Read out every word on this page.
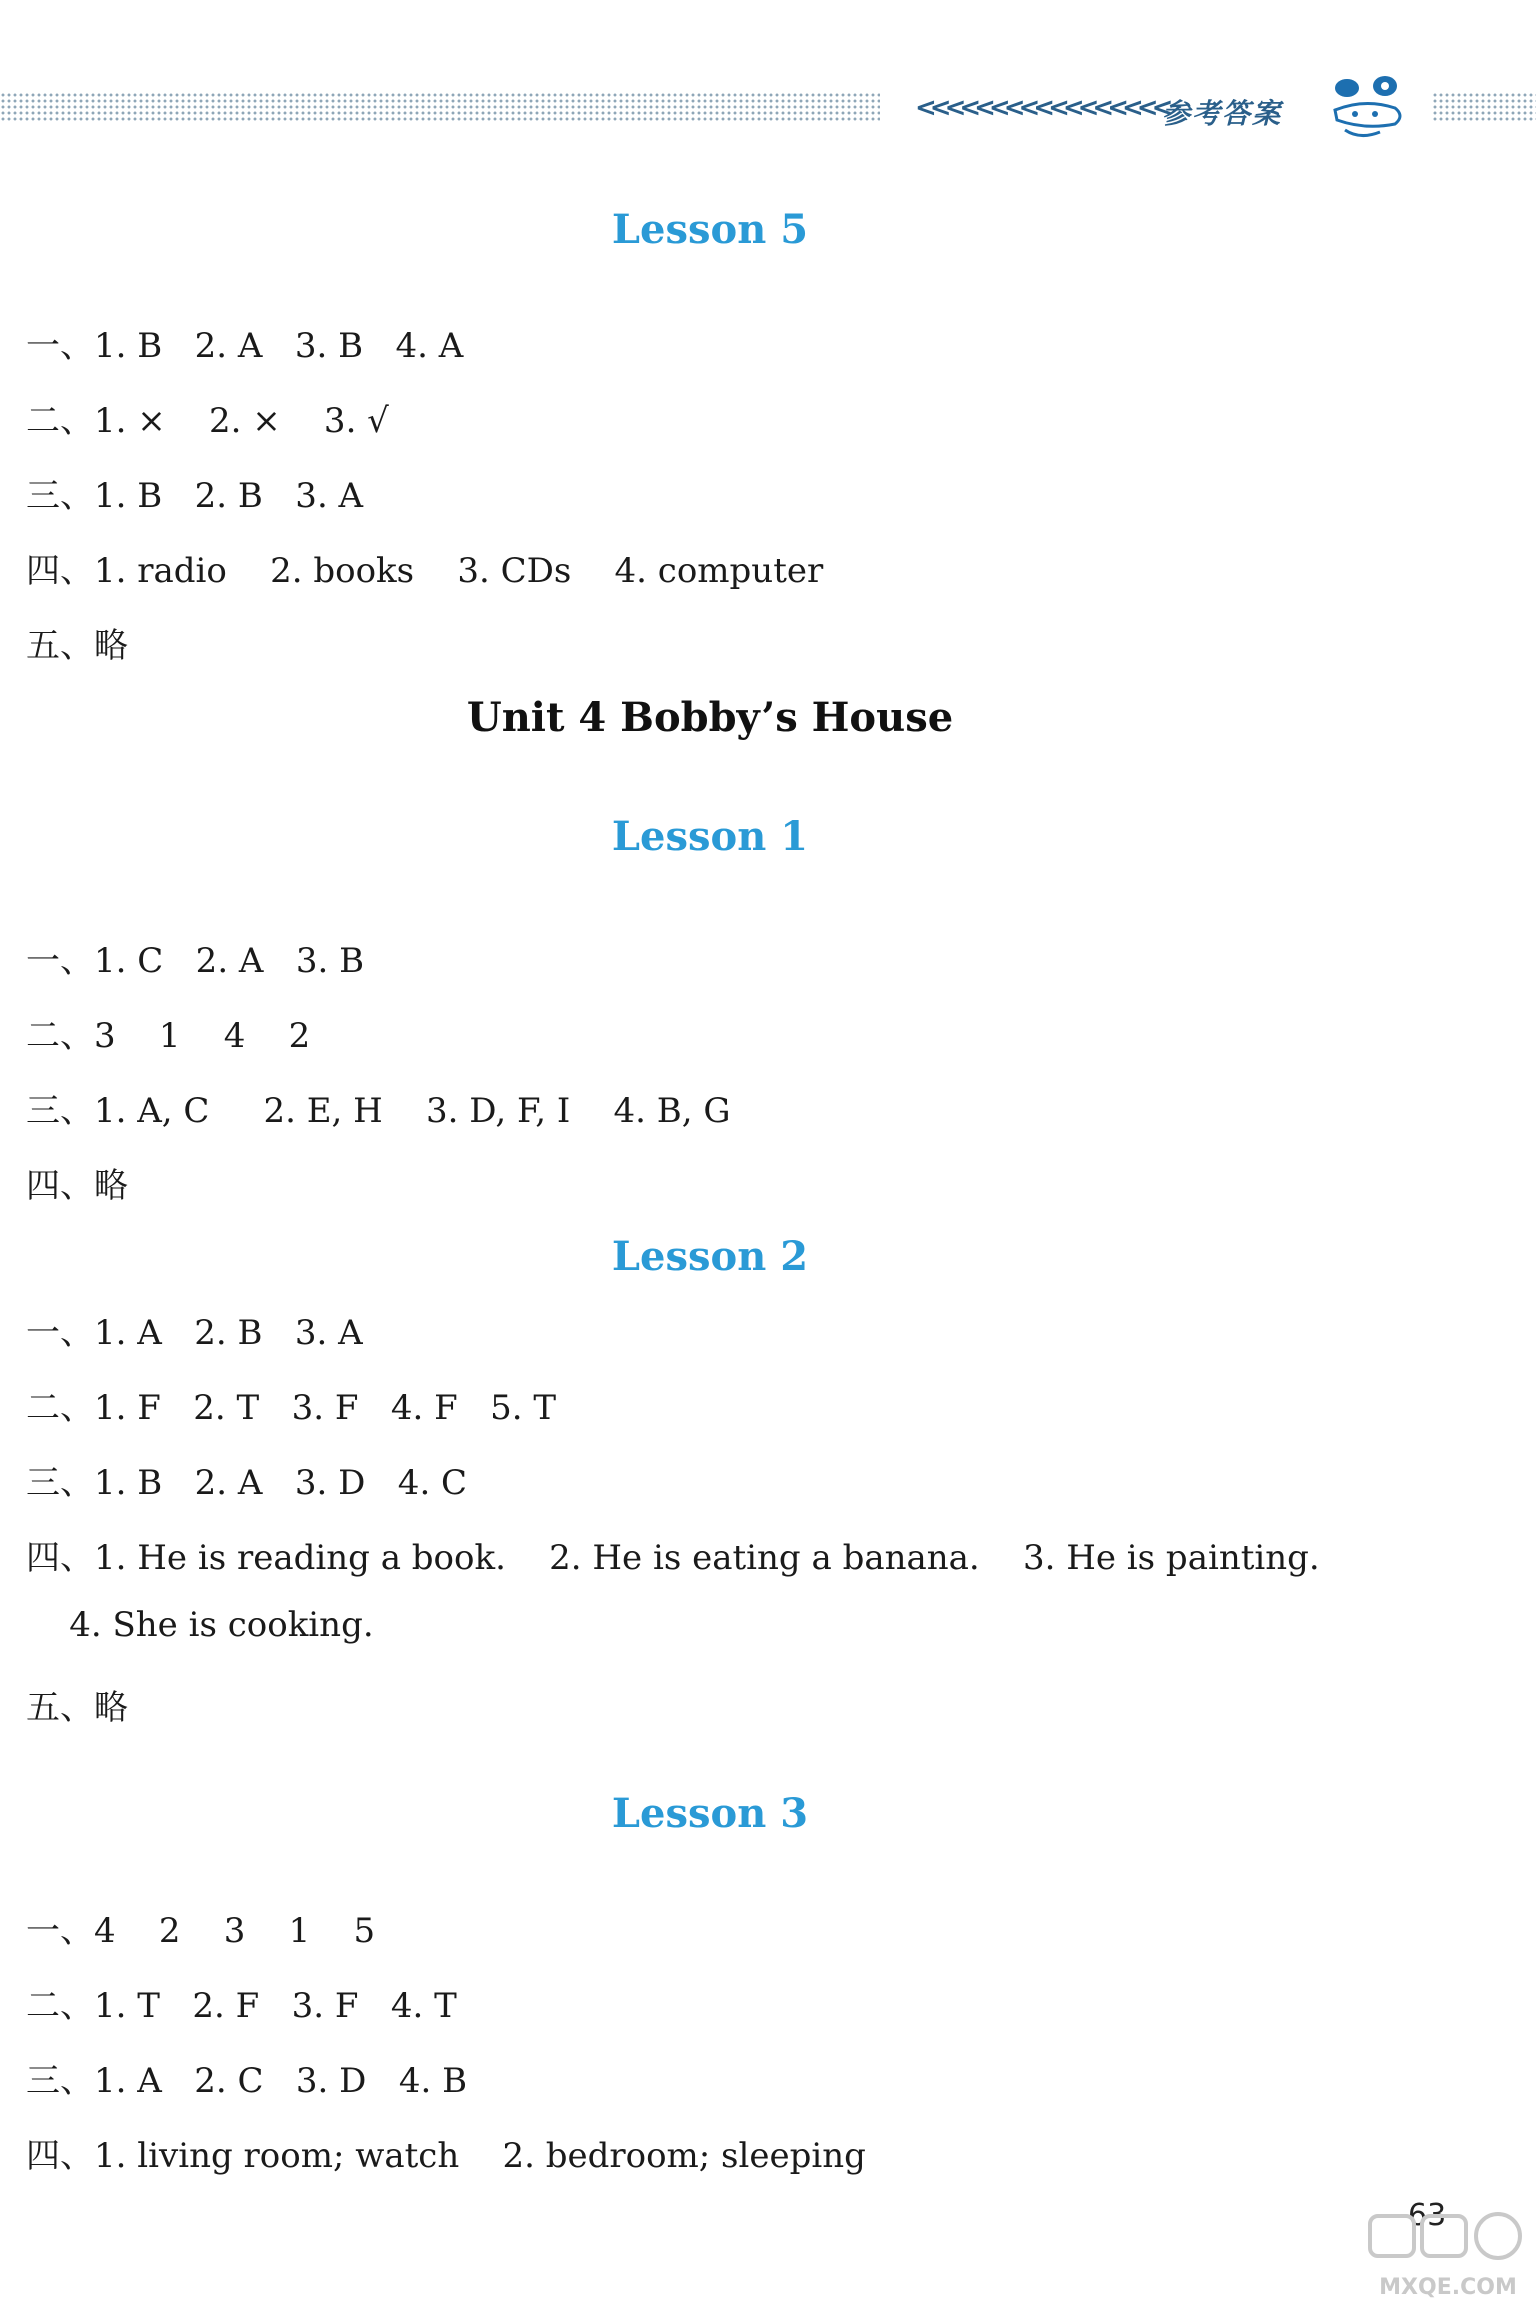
<<<<<<<<<<<<<<<<<
参考答案
Lesson 5
一、1. B   2. A   3. B   4. A
二、1. ×    2. ×    3. √
三、1. B   2. B   3. A
四、1. radio    2. books    3. CDs    4. computer
五、略
Unit 4 Bobby’s House
Lesson 1
一、1. C   2. A   3. B
二、3    1    4    2
三、1. A, C     2. E, H    3. D, F, I    4. B, G
四、略
Lesson 2
一、1. A   2. B   3. A
二、1. F   2. T   3. F   4. F   5. T
三、1. B   2. A   3. D   4. C
四、1. He is reading a book.    2. He is eating a banana.    3. He is painting.
4. She is cooking.
五、略
Lesson 3
一、4    2    3    1    5
二、1. T   2. F   3. F   4. T
三、1. A   2. C   3. D   4. B
四、1. living room; watch    2. bedroom; sleeping
63
MXQE.COM
